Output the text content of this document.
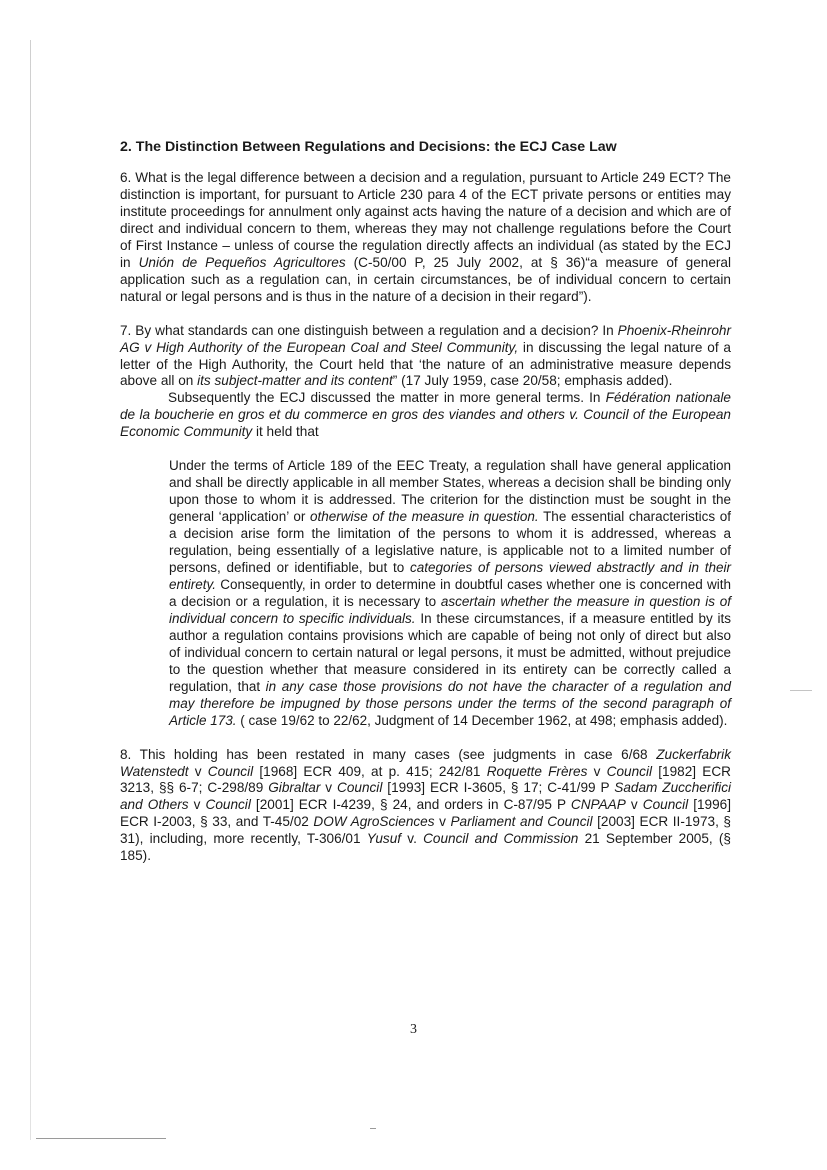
2. The Distinction Between Regulations and Decisions: the ECJ Case Law

6. What is the legal difference between a decision and a regulation, pursuant to Article 249 ECT? The distinction is important, for pursuant to Article 230 para 4 of the ECT private persons or entities may institute proceedings for annulment only against acts having the nature of a decision and which are of direct and individual concern to them, whereas they may not challenge regulations before the Court of First Instance – unless of course the regulation directly affects an individual (as stated by the ECJ in Unión de Pequeños Agricultores (C-50/00 P, 25 July 2002, at § 36)“a measure of general application such as a regulation can, in certain circumstances, be of individual concern to certain natural or legal persons and is thus in the nature of a decision in their regard”).

7. By what standards can one distinguish between a regulation and a decision? In Phoenix-Rheinrohr AG v High Authority of the European Coal and Steel Community, in discussing the legal nature of a letter of the High Authority, the Court held that ‘the nature of an administrative measure depends above all on its subject-matter and its content” (17 July 1959, case 20/58; emphasis added).

Subsequently the ECJ discussed the matter in more general terms. In Fédération nationale de la boucherie en gros et du commerce en gros des viandes and others v. Council of the European Economic Community it held that

Under the terms of Article 189 of the EEC Treaty, a regulation shall have general application and shall be directly applicable in all member States, whereas a decision shall be binding only upon those to whom it is addressed. The criterion for the distinction must be sought in the general ‘application’ or otherwise of the measure in question. The essential characteristics of a decision arise form the limitation of the persons to whom it is addressed, whereas a regulation, being essentially of a legislative nature, is applicable not to a limited number of persons, defined or identifiable, but to categories of persons viewed abstractly and in their entirety. Consequently, in order to determine in doubtful cases whether one is concerned with a decision or a regulation, it is necessary to ascertain whether the measure in question is of individual concern to specific individuals. In these circumstances, if a measure entitled by its author a regulation contains provisions which are capable of being not only of direct but also of individual concern to certain natural or legal persons, it must be admitted, without prejudice to the question whether that measure considered in its entirety can be correctly called a regulation, that in any case those provisions do not have the character of a regulation and may therefore be impugned by those persons under the terms of the second paragraph of Article 173. ( case 19/62 to 22/62, Judgment of 14 December 1962, at 498; emphasis added).

8. This holding has been restated in many cases (see judgments in case 6/68 Zuckerfabrik Watenstedt v Council [1968] ECR 409, at p. 415; 242/81 Roquette Frères v Council [1982] ECR 3213, §§ 6-7; C-298/89 Gibraltar v Council [1993] ECR I-3605, § 17; C-41/99 P Sadam Zuccherifici and Others v Council [2001] ECR I-4239, § 24, and orders in C-87/95 P CNPAAP v Council [1996] ECR I-2003, § 33, and T-45/02 DOW AgroSciences v Parliament and Council [2003] ECR II-1973, § 31), including, more recently, T-306/01 Yusuf v. Council and Commission 21 September 2005, (§ 185).

3
